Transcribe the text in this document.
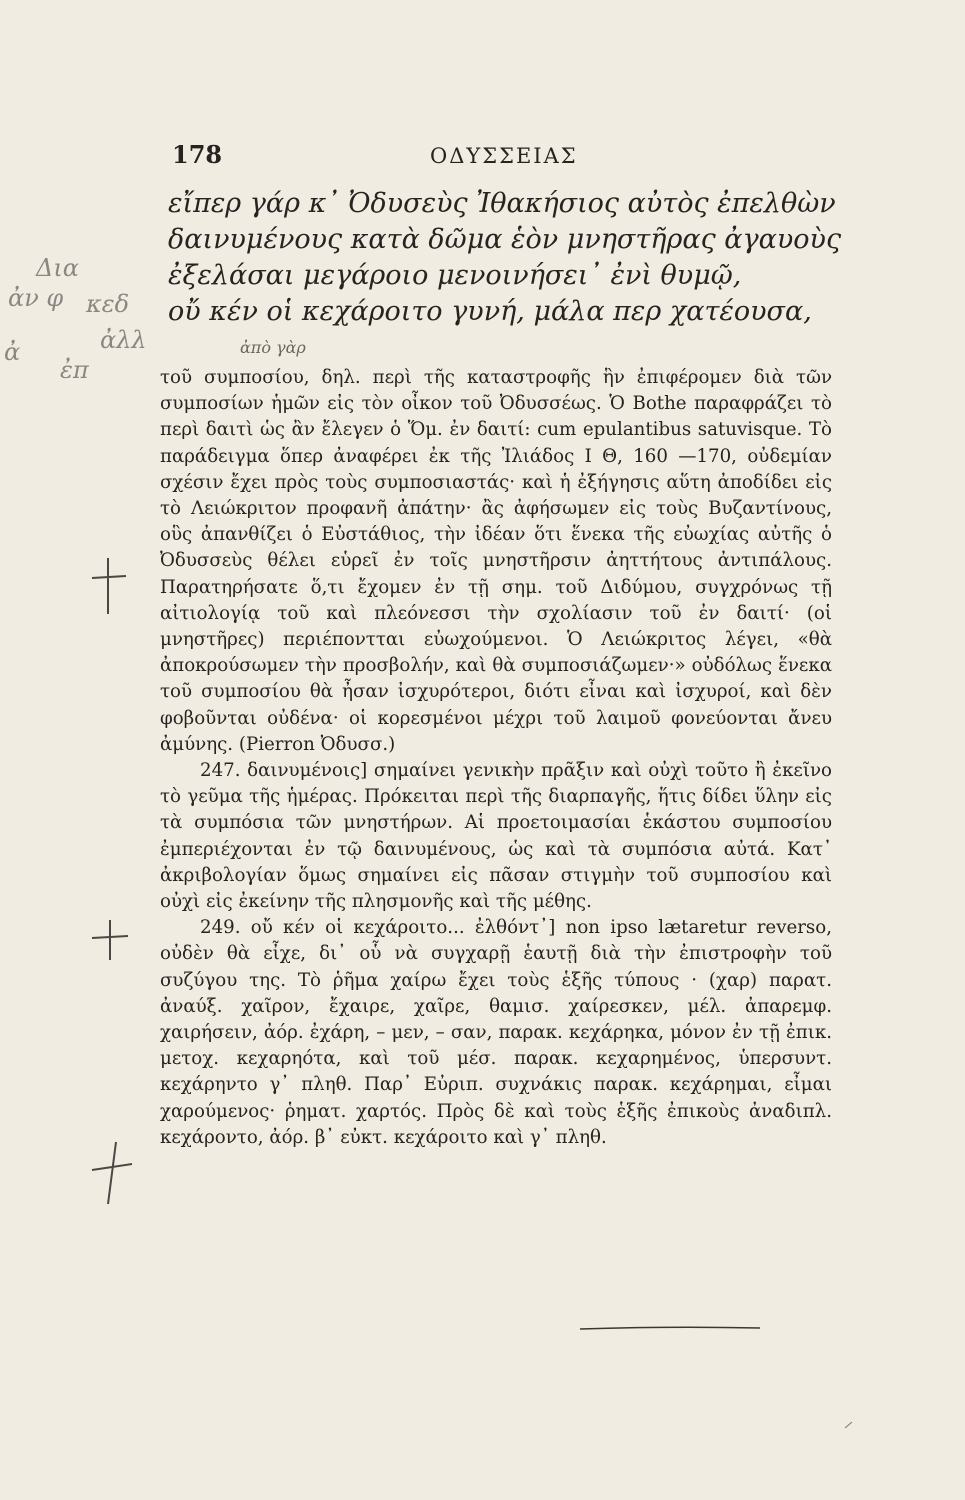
178	ΟΔΥΣΣΕΙΑΣ
εἴπερ γάρ κ᾽ Ὀδυσεὺς Ἰθακήσιος αὐτὸς ἐπελθὼν
δαινυμένους κατὰ δῶμα ἑὸν μνηστῆρας ἀγαυοὺς
ἐξελάσαι μεγάροιο μενοινήσει᾽ ἐνὶ θυμῷ,
οὔ κέν οἱ κεχάροιτο γυνή, μάλα περ χατέουσα,
ἀπὸ γὰρ
Δια
ἀν φ κεδ
ἀ	ἀλλ
ἐπ	τοῦ συμποσίου, δηλ. περὶ τῆς καταστροφῆς ἣν ἐπιφέρομεν διὰ τῶν συμποσίων ἡμῶν εἰς τὸν οἶκον τοῦ Ὀδυσσέως. Ὁ Bothe παραφράζει τὸ περὶ δαιτὶ ὡς ἂν ἔλεγεν ὁ Ὅμ. ἐν δαιτί: cum epulantibus satuvisque. Τὸ παράδειγμα ὅπερ ἀναφέρει ἐκ τῆς Ἰλιάδος Ι Θ, 160 —170, οὐδεμίαν σχέσιν ἔχει πρὸς τοὺς συμποσιαστάς· καὶ ἡ ἐξήγησις αὕτη ἀποδίδει εἰς τὸ Λειώκριτον προφανῆ ἀπάτην· ἂς ἀφήσωμεν εἰς τοὺς Βυζαντίνους, οὓς ἀπανθίζει ὁ Εὐστάθιος, τὴν ἰδέαν ὅτι ἕνεκα τῆς εὐωχίας αὐτῆς ὁ Ὀδυσσεὺς θέλει εὑρεῖ ἐν τοῖς μνηστῆρσιν ἀηττήτους ἀντιπάλους. Παρατηρήσατε ὅ,τι ἔχομεν ἐν τῇ σημ. τοῦ Διδύμου, συγχρόνως τῇ αἰτιολογίᾳ τοῦ καὶ πλεόνεσσι τὴν σχολίασιν τοῦ ἐν δαιτί· (οἱ μνηστῆρες) περιέποντται εὐωχούμενοι. Ὁ Λειώκριτος λέγει, «θὰ ἀποκρούσωμεν τὴν προσβολήν, καὶ θὰ συμποσιάζωμεν·» οὐδόλως ἕνεκα τοῦ συμποσίου θὰ ἦσαν ἰσχυρότεροι, διότι εἶναι καὶ ἰσχυροί, καὶ δὲν φοβοῦνται οὐδένα· οἱ κορεσμένοι μέχρι τοῦ λαιμοῦ φονεύονται ἄνευ ἀμύνης. (Pierron Ὀδυσσ.)

247. δαινυμένοις] σημαίνει γενικὴν πρᾶξιν καὶ οὐχὶ τοῦτο ἢ ἐκεῖνο τὸ γεῦμα τῆς ἡμέρας. Πρόκειται περὶ τῆς διαρπαγῆς, ἥτις δίδει ὕλην εἰς τὰ συμπόσια τῶν μνηστήρων. Αἱ προετοιμασίαι ἑκάστου συμποσίου ἐμπεριέχονται ἐν τῷ δαινυμένους, ὡς καὶ τὰ συμπόσια αὐτά. Κατ᾽ ἀκριβολογίαν ὅμως σημαίνει εἰς πᾶσαν στιγμὴν τοῦ συμποσίου καὶ οὐχὶ εἰς ἐκείνην τῆς πλησμονῆς καὶ τῆς μέθης.

249. οὔ κέν οἱ κεχάροιτο... ἐλθόντ᾽] non ipso lætaretur reverso, οὐδὲν θὰ εἶχε, δι᾽ οὗ νὰ συγχαρῇ ἑαυτῇ διὰ τὴν ἐπιστροφὴν τοῦ συζύγου της. Τὸ ῥῆμα χαίρω ἔχει τοὺς ἑξῆς τύπους · (χαρ) παρατ. ἀναύξ. χαῖρον, ἔχαιρε, χαῖρε, θαμισ. χαίρεσκεν, μέλ. ἀπαρεμφ. χαιρήσειν, ἀόρ. ἐχάρη, – μεν, – σαν, παρακ. κεχάρηκα, μόνον ἐν τῇ ἐπικ. μετοχ. κεχαρηότα, καὶ τοῦ μέσ. παρακ. κεχαρημένος, ὑπερσυντ. κεχάρηντο γ᾽ πληθ. Παρ᾽ Εὐριπ. συχνάκις παρακ. κεχάρημαι, εἶμαι χαρούμενος· ῥηματ. χαρτός. Πρὸς δὲ καὶ τοὺς ἑξῆς ἐπικοὺς ἀναδιπλ. κεχάροντο, ἀόρ. β᾽ εὐκτ. κεχάροιτο καὶ γ᾽ πληθ.
